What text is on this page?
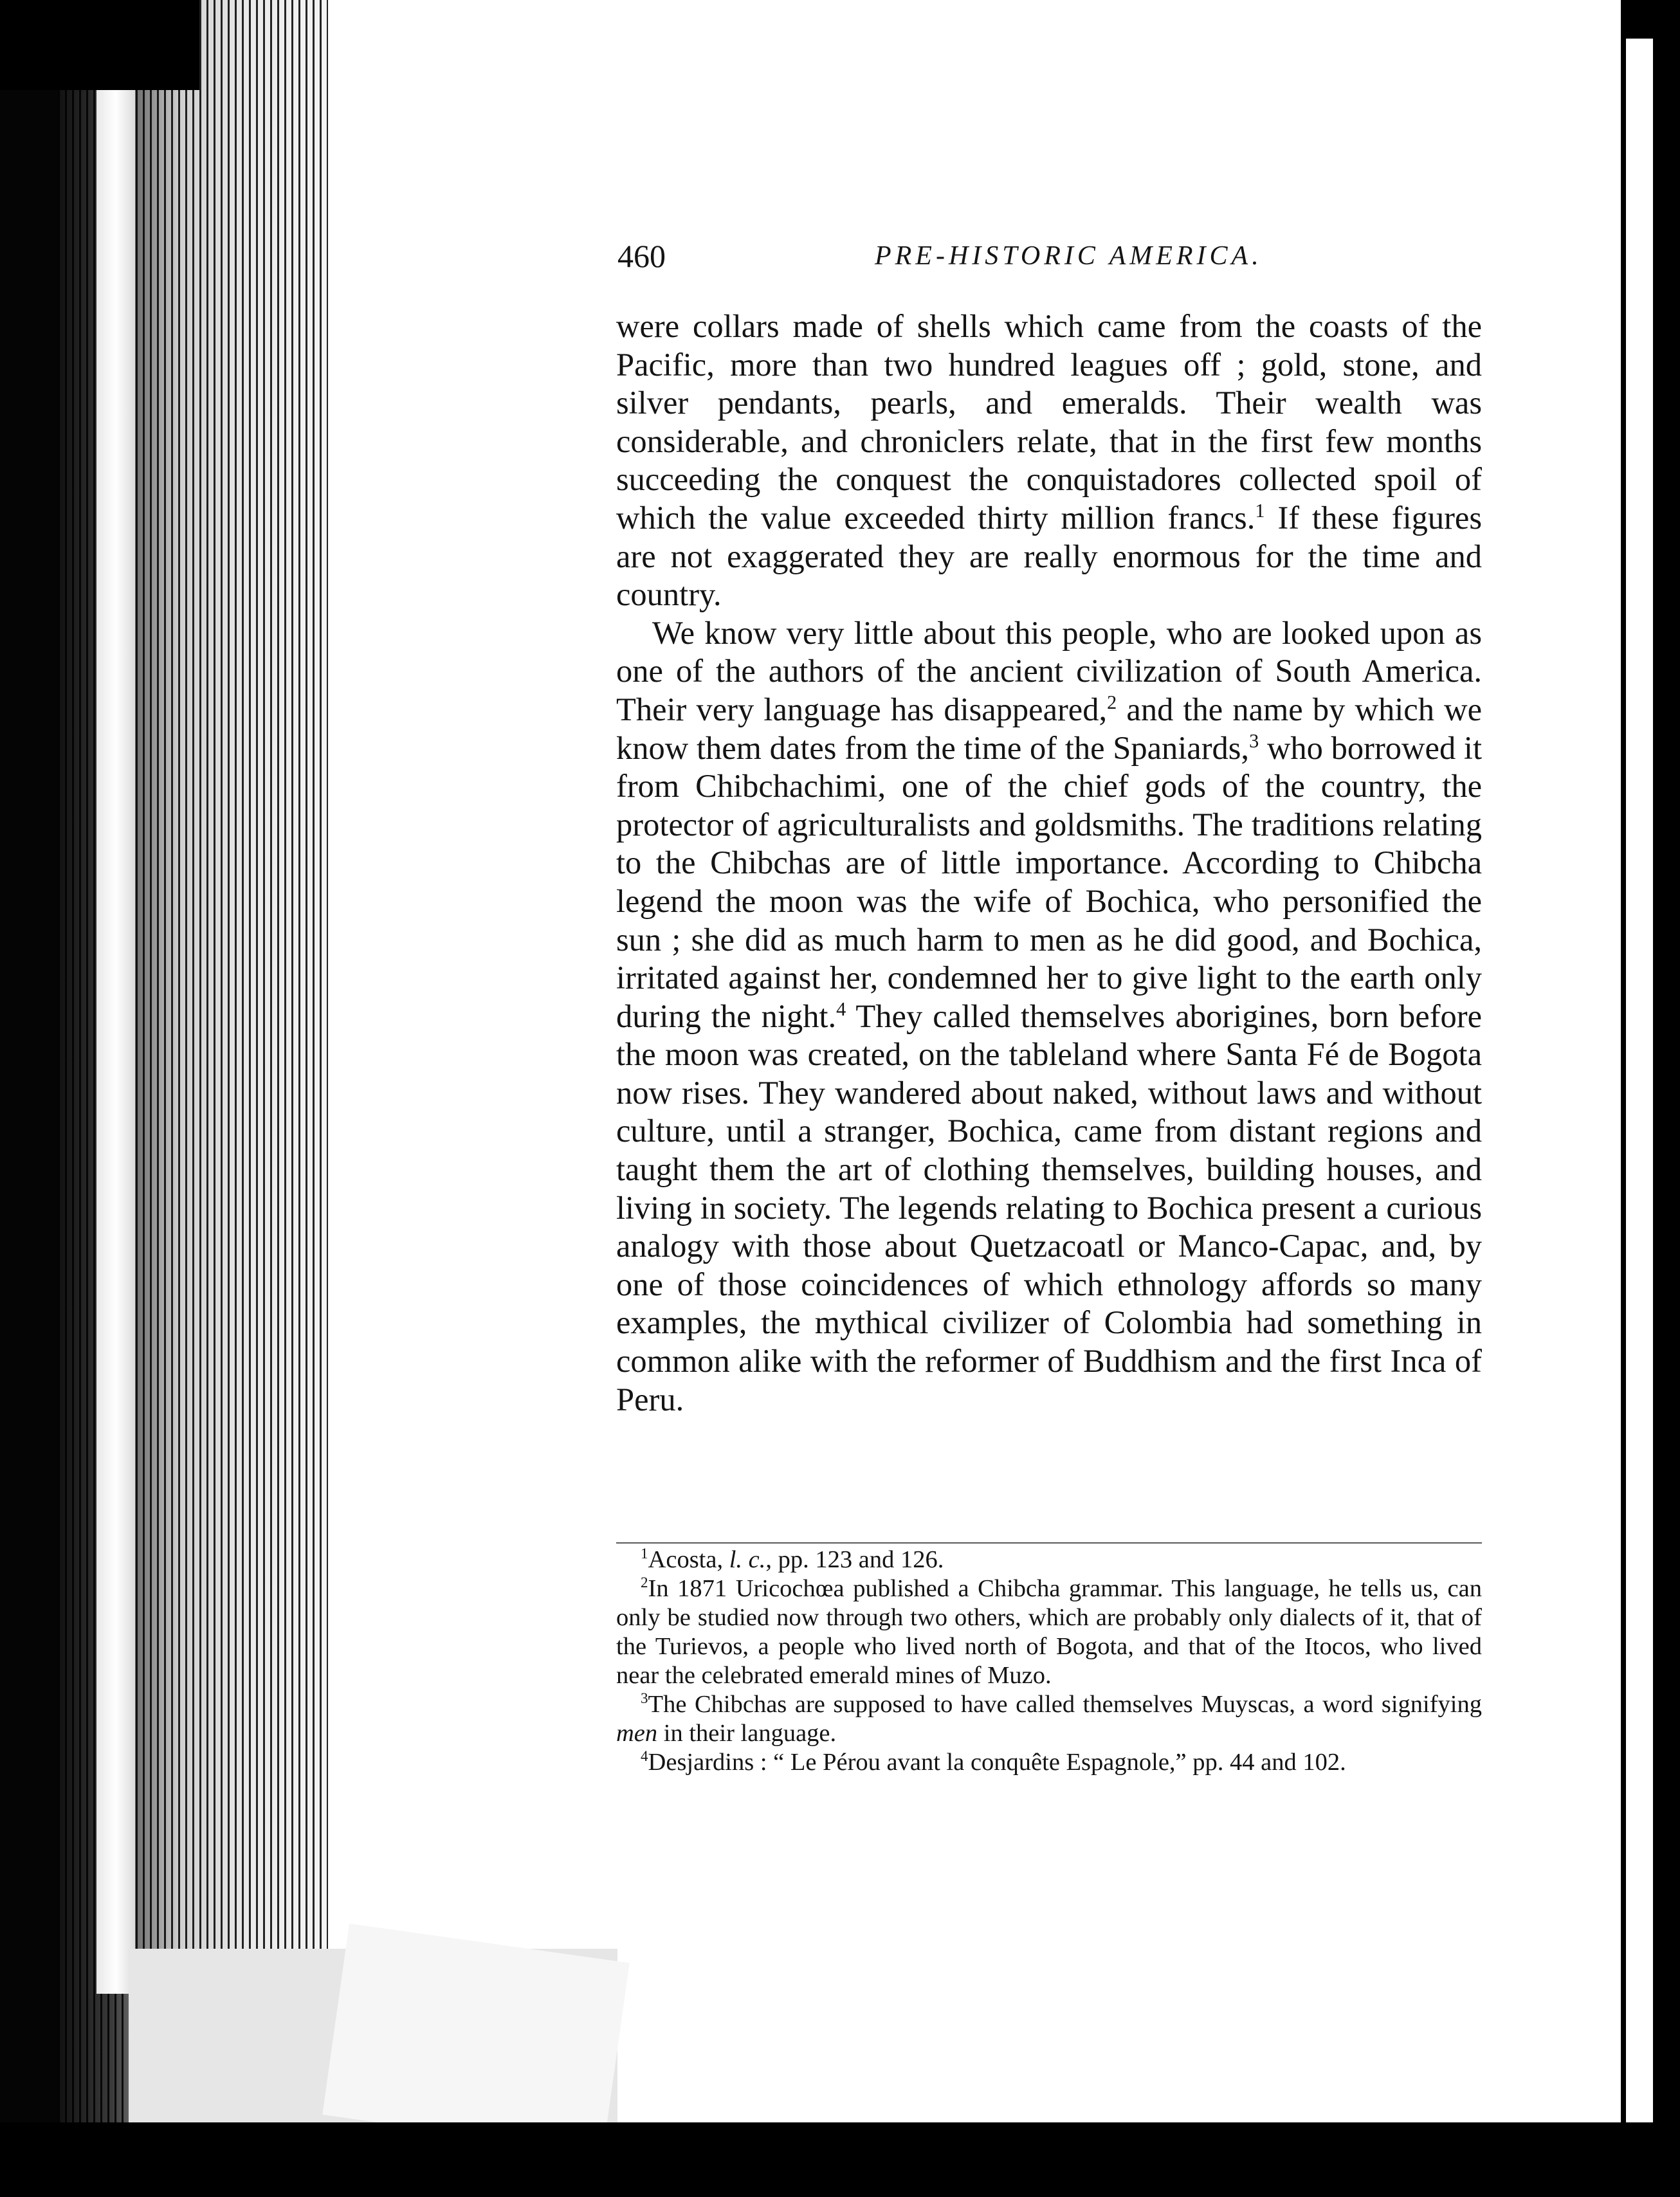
460	PRE-HISTORIC AMERICA.

were collars made of shells which came from the coasts of the Pacific, more than two hundred leagues off ; gold, stone, and silver pendants, pearls, and emeralds. Their wealth was considerable, and chroniclers relate, that in the first few months succeeding the conquest the conquistadores collected spoil of which the value exceeded thirty million francs.$^1$ If these figures are not exaggerated they are really enormous for the time and country.

We know very little about this people, who are looked upon as one of the authors of the ancient civilization of South America. Their very language has disappeared,$^2$ and the name by which we know them dates from the time of the Spaniards,$^3$ who borrowed it from Chibchachimi, one of the chief gods of the country, the protector of agriculturalists and goldsmiths. The traditions relating to the Chibchas are of little importance. According to Chibcha legend the moon was the wife of Bochica, who personified the sun ; she did as much harm to men as he did good, and Bochica, irritated against her, condemned her to give light to the earth only during the night.$^4$ They called themselves aborigines, born before the moon was created, on the tableland where Santa Fé de Bogota now rises. They wandered about naked, without laws and without culture, until a stranger, Bochica, came from distant regions and taught them the art of clothing themselves, building houses, and living in society. The legends relating to Bochica present a curious analogy with those about Quetzacoatl or Manco-Capac, and, by one of those coincidences of which ethnology affords so many examples, the mythical civilizer of Colombia had something in common alike with the reformer of Buddhism and the first Inca of Peru.

$^1$Acosta, l. c., pp. 123 and 126.

$^2$In 1871 Uricochœa published a Chibcha grammar. This language, he tells us, can only be studied now through two others, which are probably only dialects of it, that of the Turievos, a people who lived north of Bogota, and that of the Itocos, who lived near the celebrated emerald mines of Muzo.

$^3$The Chibchas are supposed to have called themselves Muyscas, a word signifying men in their language.

$^4$Desjardins : “ Le Pérou avant la conquête Espagnole,” pp. 44 and 102.
